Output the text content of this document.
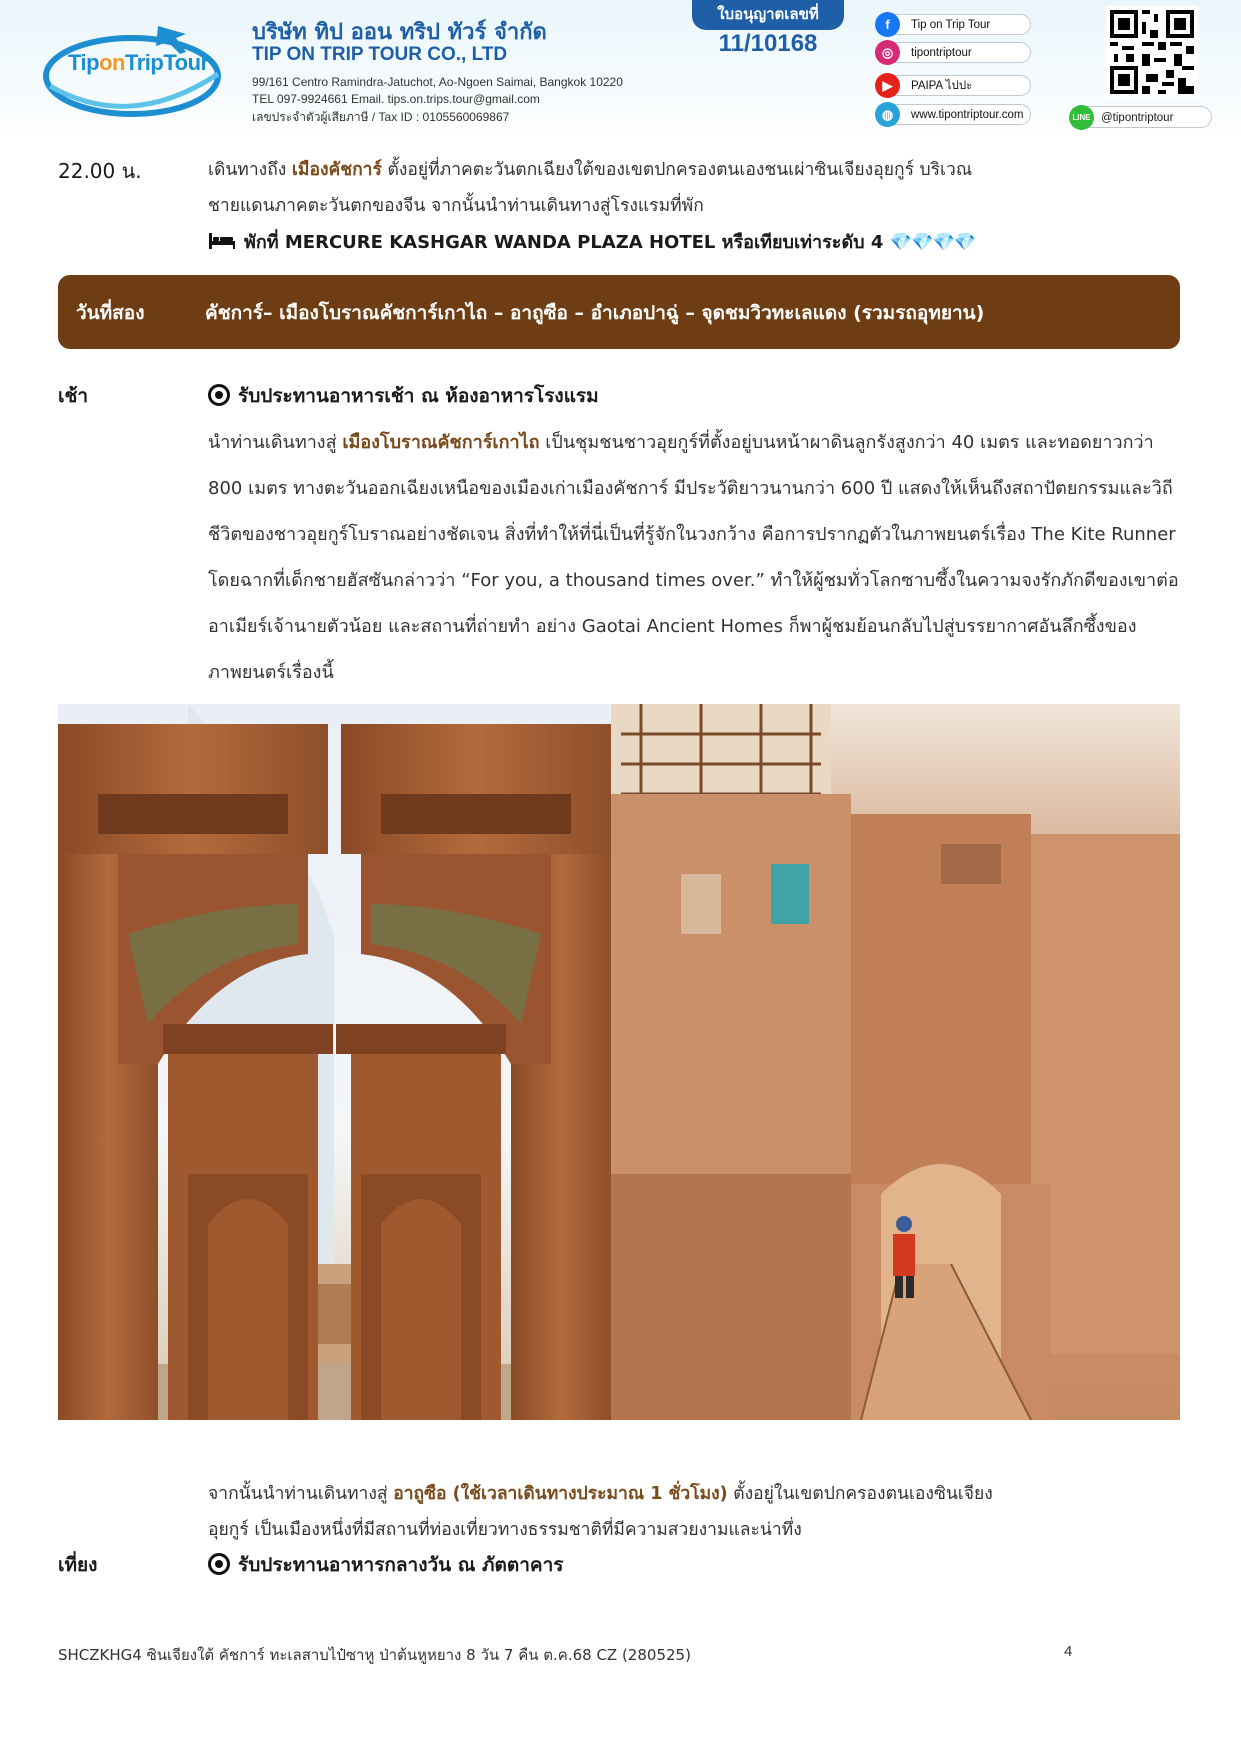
TiponTripTour
บริษัท ทิป ออน ทริป ทัวร์ จำกัด
TIP ON TRIP TOUR CO., LTD
99/161 Centro Ramindra-Jatuchot, Ao-Ngoen Saimai, Bangkok 10220
TEL 097-9924661 Email. tips.on.trips.tour@gmail.com
เลขประจำตัวผู้เสียภาษี / Tax ID : 0105560069867
ใบอนุญาตเลขที่
11/10168
f	Tip on Trip Tour
◎	tipontriptour
▶	PAIPA ไปปะ
◍	www.tipontriptour.com	LINE @tipontriptour
22.00 น.	เดินทางถึง เมืองคัชการ์ ตั้งอยู่ที่ภาคตะวันตกเฉียงใต้ของเขตปกครองตนเองชนเผ่าซินเจียงอุยกูร์ บริเวณ
ชายแดนภาคตะวันตกของจีน จากนั้นนำท่านเดินทางสู่โรงแรมที่พัก
พักที่ MERCURE KASHGAR WANDA PLAZA HOTEL หรือเทียบเท่าระดับ 4 💎💎💎💎
วันที่สอง	คัชการ์– เมืองโบราณคัชการ์เกาไถ – อาถูซือ – อำเภอปาฉู่ – จุดชมวิวทะเลแดง (รวมรถอุทยาน)
เช้า	รับประทานอาหารเช้า ณ ห้องอาหารโรงแรม
นำท่านเดินทางสู่ เมืองโบราณคัชการ์เกาไถ เป็นชุมชนชาวอุยกูร์ที่ตั้งอยู่บนหน้าผาดินลูกรังสูงกว่า 40 เมตร และทอดยาวกว่า 800 เมตร ทางตะวันออกเฉียงเหนือของเมืองเก่าเมืองคัชการ์ มีประวัติยาวนานกว่า 600 ปี แสดงให้เห็นถึงสถาปัตยกรรมและวิถีชีวิตของชาวอุยกูร์โบราณอย่างชัดเจน สิ่งที่ทำให้ที่นี่เป็นที่รู้จักในวงกว้าง คือการปรากฏตัวในภาพยนตร์เรื่อง The Kite Runner โดยฉากที่เด็กชายฮัสซันกล่าวว่า “For you, a thousand times over.” ทำให้ผู้ชมทั่วโลกซาบซึ้งในความจงรักภักดีของเขาต่ออาเมียร์เจ้านายตัวน้อย และสถานที่ถ่ายทำ อย่าง Gaotai Ancient Homes ก็พาผู้ชมย้อนกลับไปสู่บรรยากาศอันลึกซึ้งของภาพยนตร์เรื่องนี้
จากนั้นนำท่านเดินทางสู่ อาถูซือ (ใช้เวลาเดินทางประมาณ 1 ชั่วโมง) ตั้งอยู่ในเขตปกครองตนเองซินเจียง
อุยกูร์ เป็นเมืองหนึ่งที่มีสถานที่ท่องเที่ยวทางธรรมชาติที่มีความสวยงามและน่าทึ่ง
เที่ยง	รับประทานอาหารกลางวัน ณ ภัตตาคาร
SHCZKHG4 ซินเจียงใต้ คัชการ์ ทะเลสาบไป๋ซาหู ป่าต้นหูหยาง 8 วัน 7 คืน ต.ค.68 CZ (280525)	4
